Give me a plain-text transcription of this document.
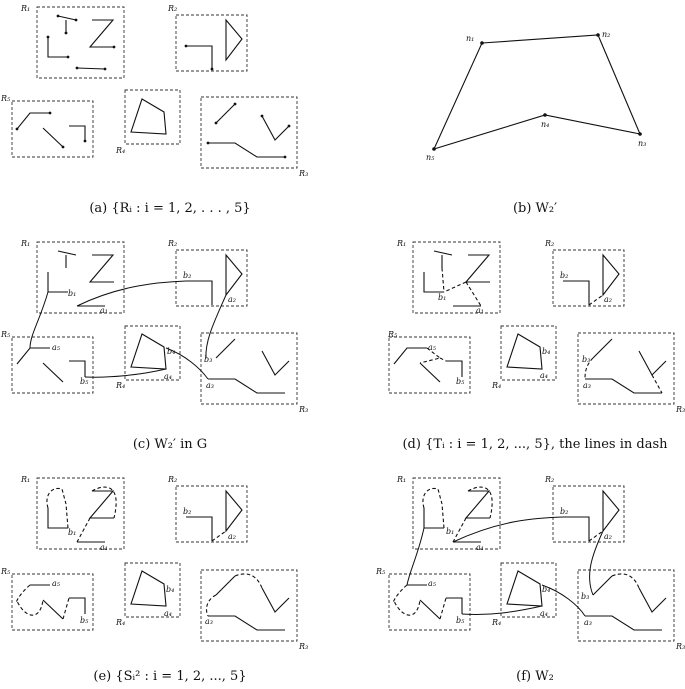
R₁	R₂
R₅
R₄
R₃
(a) {Rᵢ : i = 1, 2, . . . , 5}
n₁	n₂
n₃
n₄
n₅
(b) W₂′
R₁	R₂
R₅
R₄
R₃
b₁
a₁
b₂
a₂
b₃
a₃
b₄
a₄
a₅
b₅
(c) W₂′ in G
R₁	R₂
R₅
R₄
R₃
b₁
a₁
b₂
a₂
b₃
a₃
b₄
a₄
a₅
b₅
(d) {Tᵢ : i = 1, 2, ..., 5}, the lines in dash
R₁	R₂
R₅
R₄
R₃
b₁
a₁
b₂
a₂
b₄
a₄
a₃
a₅
b₅
(e) {Sᵢ² : i = 1, 2, ..., 5}
R₁	R₂
R₅
R₄
R₃
b₁
a₁
b₂
a₂
b₃
a₃
b₄
a₄
a₅
b₅
(f) W₂
